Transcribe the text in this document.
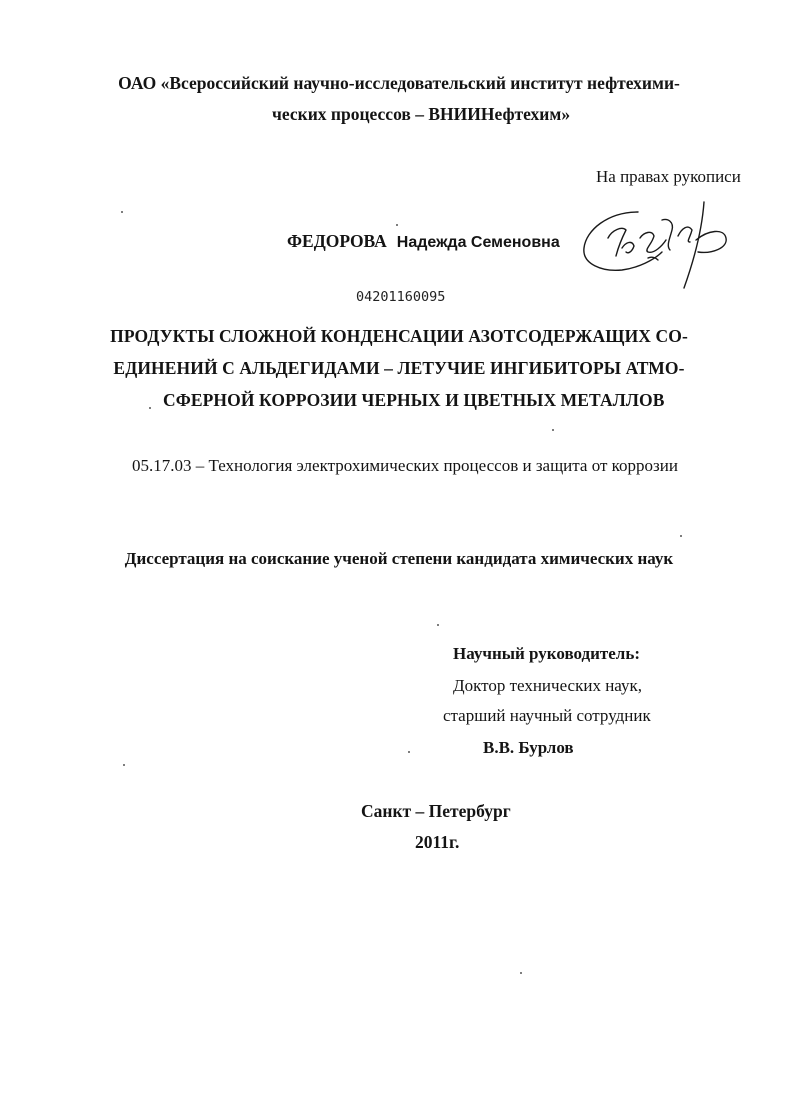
ОАО «Всероссийский научно-исследовательский институт нефтехими-
ческих процессов – ВНИИНефтехим»
На правах рукописи
ФЕДОРОВА Надежда Семеновна
04201160095
ПРОДУКТЫ СЛОЖНОЙ КОНДЕНСАЦИИ АЗОТСОДЕРЖАЩИХ СО-
ЕДИНЕНИЙ С АЛЬДЕГИДАМИ – ЛЕТУЧИЕ ИНГИБИТОРЫ АТМО-
СФЕРНОЙ КОРРОЗИИ ЧЕРНЫХ И ЦВЕТНЫХ МЕТАЛЛОВ
05.17.03 – Технология электрохимических процессов и защита от коррозии
Диссертация на соискание ученой степени кандидата химических наук
Научный руководитель:
Доктор технических наук,
старший научный сотрудник
В.В. Бурлов
Санкт – Петербург
2011г.
